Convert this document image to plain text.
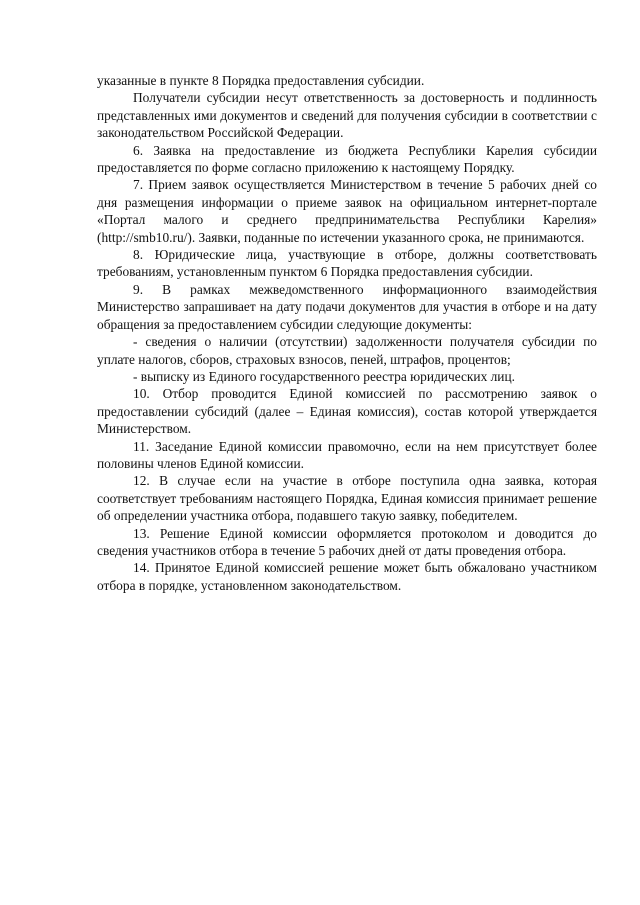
указанные в пункте 8 Порядка предоставления субсидии.

Получатели субсидии несут ответственность за достоверность и подлинность представленных ими документов и сведений для получения субсидии в соответствии с законодательством Российской Федерации.

6. Заявка на предоставление из бюджета Республики Карелия субсидии предоставляется по форме согласно приложению к настоящему Порядку.

7. Прием заявок осуществляется Министерством в течение 5 рабочих дней со дня размещения информации о приеме заявок на официальном интернет-портале «Портал малого и среднего предпринимательства Республики Карелия» (http://smb10.ru/). Заявки, поданные по истечении указанного срока, не принимаются.

8. Юридические лица, участвующие в отборе, должны соответствовать требованиям, установленным пунктом 6 Порядка предоставления субсидии.

9. В рамках межведомственного информационного взаимодействия Министерство запрашивает на дату подачи документов для участия в отборе и на дату обращения за предоставлением субсидии следующие документы:

- сведения о наличии (отсутствии) задолженности получателя субсидии по уплате налогов, сборов, страховых взносов, пеней, штрафов, процентов;

- выписку из Единого государственного реестра юридических лиц.

10. Отбор проводится Единой комиссией по рассмотрению заявок о предоставлении субсидий (далее – Единая комиссия), состав которой утверждается Министерством.

11. Заседание Единой комиссии правомочно, если на нем присутствует более половины членов Единой комиссии.

12. В случае если на участие в отборе поступила одна заявка, которая соответствует требованиям настоящего Порядка, Единая комиссия принимает решение об определении участника отбора, подавшего такую заявку, победителем.

13. Решение Единой комиссии оформляется протоколом и доводится до сведения участников отбора в течение 5 рабочих дней от даты проведения отбора.

14. Принятое Единой комиссией решение может быть обжаловано участником отбора в порядке, установленном законодательством.
